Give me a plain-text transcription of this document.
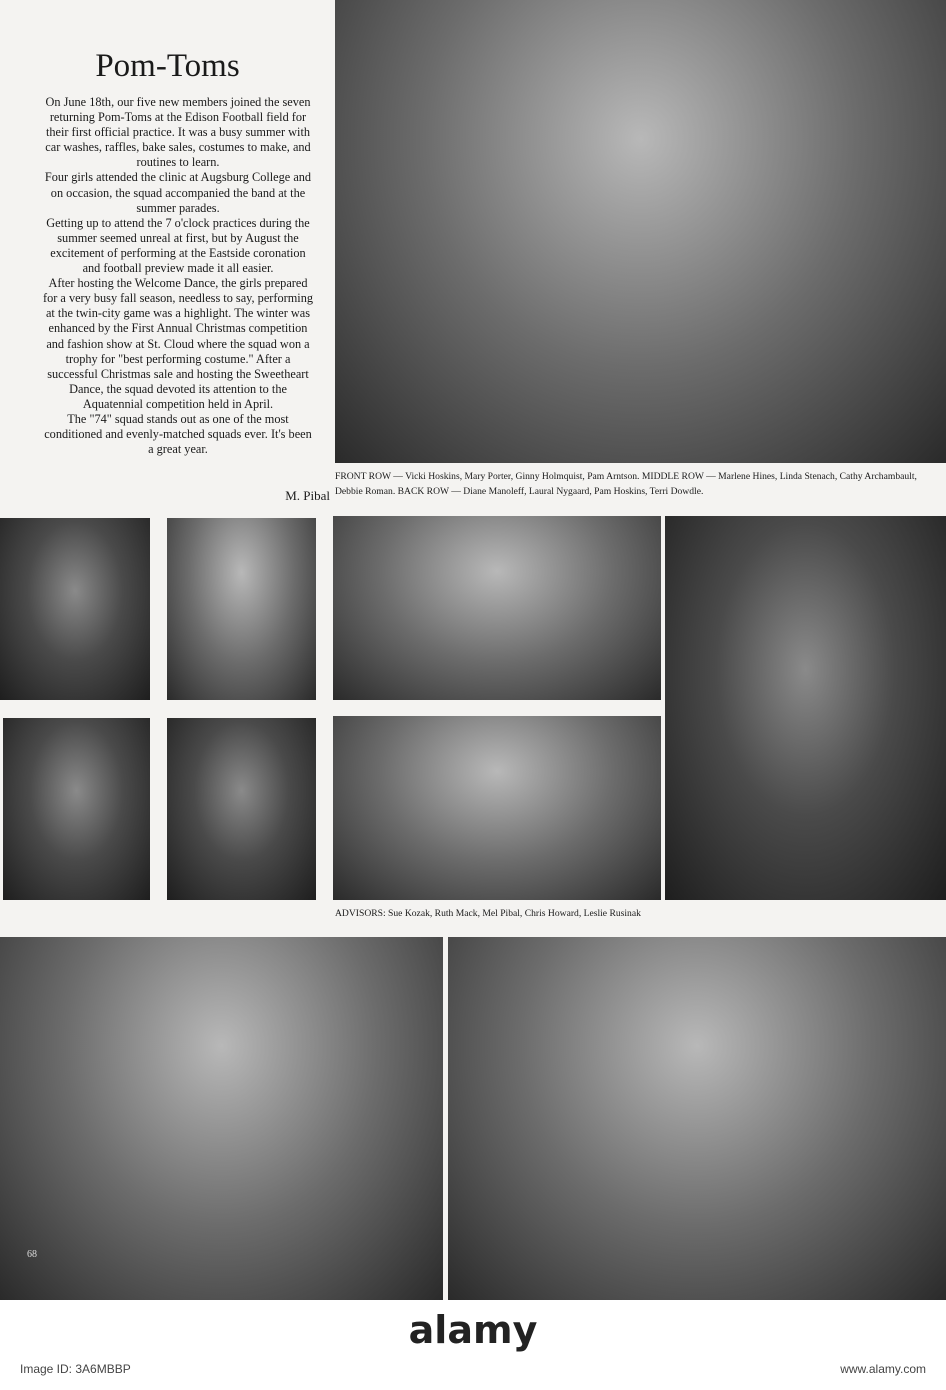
Pom-Toms

On June 18th, our five new members joined the seven returning Pom-Toms at the Edison Football field for their first official practice. It was a busy summer with car washes, raffles, bake sales, costumes to make, and routines to learn.

Four girls attended the clinic at Augsburg College and on occasion, the squad accompanied the band at the summer parades.

Getting up to attend the 7 o'clock practices during the summer seemed unreal at first, but by August the excitement of performing at the Eastside coronation and football preview made it all easier.

After hosting the Welcome Dance, the girls prepared for a very busy fall season, needless to say, performing at the twin-city game was a highlight. The winter was enhanced by the First Annual Christmas competition and fashion show at St. Cloud where the squad won a trophy for "best performing costume." After a successful Christmas sale and hosting the Sweetheart Dance, the squad devoted its attention to the Aquatennial competition held in April.

The "74" squad stands out as one of the most conditioned and evenly-matched squads ever. It's been a great year.

M. Pibal
FRONT ROW — Vicki Hoskins, Mary Porter, Ginny Holmquist, Pam Arntson. MIDDLE ROW — Marlene Hines, Linda Stenach, Cathy Archambault, Debbie Roman. BACK ROW — Diane Manoleff, Laural Nygaard, Pam Hoskins, Terri Dowdle.
ADVISORS: Sue Kozak, Ruth Mack, Mel Pibal, Chris Howard, Leslie Rusinak
68
alamy
Image ID: 3A6MBBP	www.alamy.com
